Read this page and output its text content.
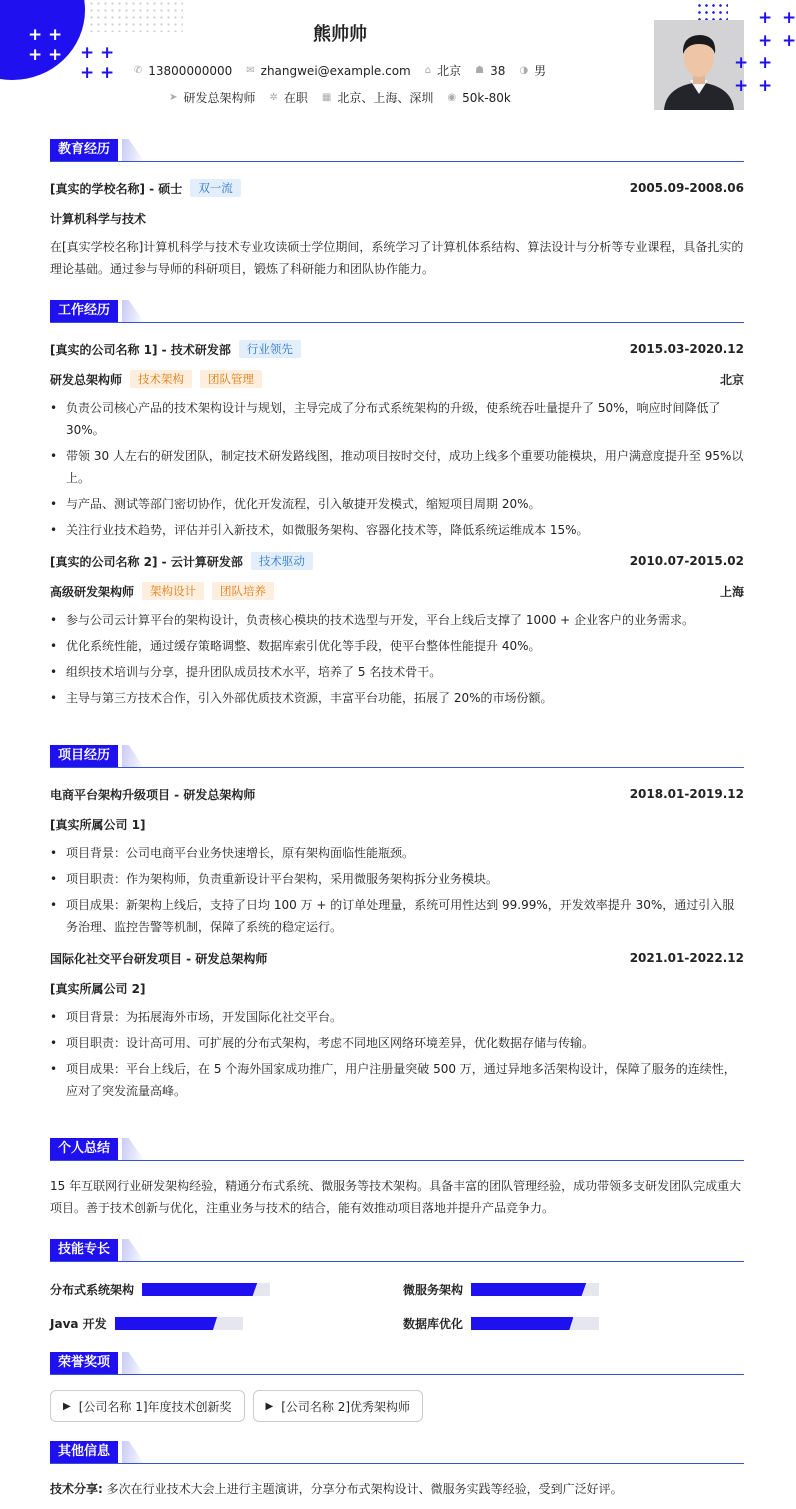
+ +
+ + + +
+ +
熊帅帅
✆ 13800000000 ✉ zhangwei@example.com ⌂ 北京 ☗ 38 ◑ 男
➤ 研发总架构师 ✲ 在职 ▦ 北京、上海、深圳 ◉ 50k-80k
+ +
+ +
+ +
+ +
教育经历
[真实的学校名称] - 硕士	双一流	2005.09-2008.06
计算机科学与技术

在[真实学校名称]计算机科学与技术专业攻读硕士学位期间，系统学习了计算机体系结构、算法设计与分析等专业课程，具备扎实的理论基础。通过参与导师的科研项目，锻炼了科研能力和团队协作能力。

工作经历
[真实的公司名称 1] - 技术研发部	行业领先	2015.03-2020.12
研发总架构师	技术架构	团队管理	北京
• 负责公司核心产品的技术架构设计与规划，主导完成了分布式系统架构的升级，使系统吞吐量提升了 50%，响应时间降低了 30%。
• 带领 30 人左右的研发团队，制定技术研发路线图，推动项目按时交付，成功上线多个重要功能模块，用户满意度提升至 95%以上。
• 与产品、测试等部门密切协作，优化开发流程，引入敏捷开发模式，缩短项目周期 20%。
• 关注行业技术趋势，评估并引入新技术，如微服务架构、容器化技术等，降低系统运维成本 15%。
[真实的公司名称 2] - 云计算研发部	技术驱动	2010.07-2015.02
高级研发架构师	架构设计	团队培养	上海
• 参与公司云计算平台的架构设计，负责核心模块的技术选型与开发，平台上线后支撑了 1000 + 企业客户的业务需求。
• 优化系统性能，通过缓存策略调整、数据库索引优化等手段，使平台整体性能提升 40%。
• 组织技术培训与分享，提升团队成员技术水平，培养了 5 名技术骨干。
• 主导与第三方技术合作，引入外部优质技术资源，丰富平台功能，拓展了 20%的市场份额。
项目经历
电商平台架构升级项目 - 研发总架构师	2018.01-2019.12
[真实所属公司 1]
• 项目背景：公司电商平台业务快速增长，原有架构面临性能瓶颈。
• 项目职责：作为架构师，负责重新设计平台架构，采用微服务架构拆分业务模块。
• 项目成果：新架构上线后，支持了日均 100 万 + 的订单处理量，系统可用性达到 99.99%，开发效率提升 30%，通过引入服务治理、监控告警等机制，保障了系统的稳定运行。
国际化社交平台研发项目 - 研发总架构师	2021.01-2022.12
[真实所属公司 2]
• 项目背景：为拓展海外市场，开发国际化社交平台。
• 项目职责：设计高可用、可扩展的分布式架构，考虑不同地区网络环境差异，优化数据存储与传输。
• 项目成果：平台上线后，在 5 个海外国家成功推广，用户注册量突破 500 万，通过异地多活架构设计，保障了服务的连续性，应对了突发流量高峰。
个人总结

15 年互联网行业研发架构经验，精通分布式系统、微服务等技术架构。具备丰富的团队管理经验，成功带领多支研发团队完成重大项目。善于技术创新与优化，注重业务与技术的结合，能有效推动项目落地并提升产品竞争力。

技能专长
分布式系统架构	微服务架构
Java 开发	数据库优化
荣誉奖项
▶ [公司名称 1]年度技术创新奖	▶ [公司名称 2]优秀架构师
其他信息

技术分享: 多次在行业技术大会上进行主题演讲，分享分布式架构设计、微服务实践等经验，受到广泛好评。
